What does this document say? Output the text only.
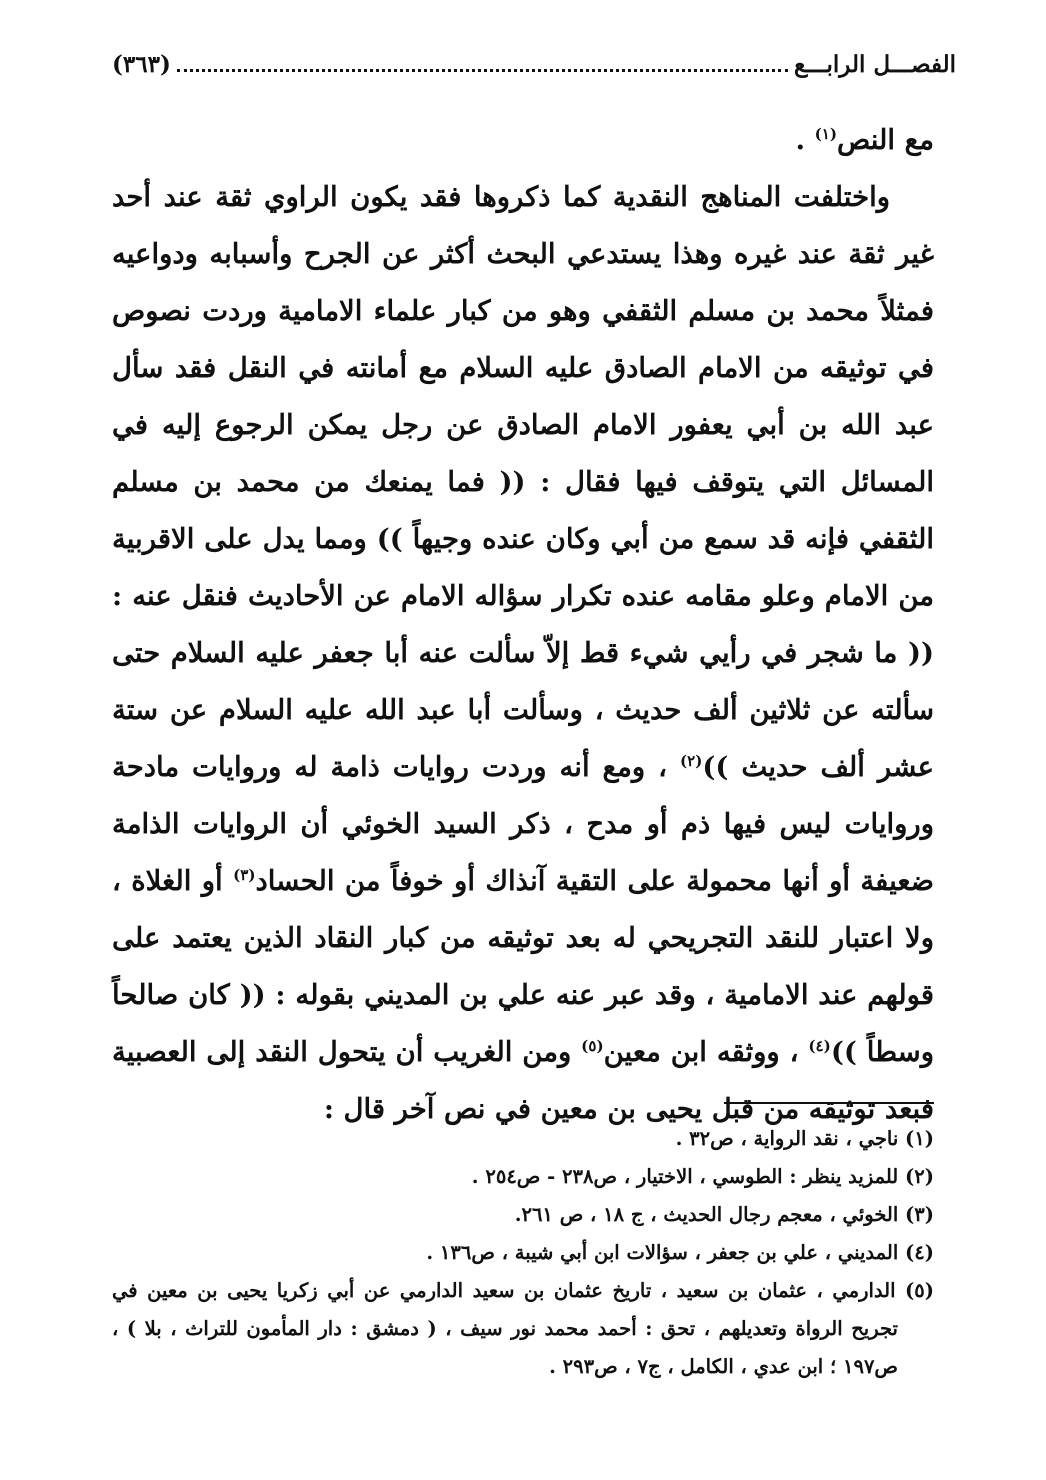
الفصـــل الرابـــع
(٣٦٣)

مع النص$^{(١)}$ .

واختلفت المناهج النقدية كما ذكروها فقد يكون الراوي ثقة عند أحد غير ثقة عند غيره وهذا يستدعي البحث أكثر عن الجرح وأسبابه ودواعيه فمثلاً محمد بن مسلم الثقفي وهو من كبار علماء الامامية وردت نصوص في توثيقه من الامام الصادق عليه السلام مع أمانته في النقل فقد سأل عبد الله بن أبي يعفور الامام الصادق عن رجل يمكن الرجوع إليه في المسائل التي يتوقف فيها فقال : (( فما يمنعك من محمد بن مسلم الثقفي فإنه قد سمع من أبي وكان عنده وجيهاً )) ومما يدل على الاقربية من الامام وعلو مقامه عنده تكرار سؤاله الامام عن الأحاديث فنقل عنه : (( ما شجر في رأيي شيء قط إلاّ سألت عنه أبا جعفر عليه السلام حتى سألته عن ثلاثين ألف حديث ، وسألت أبا عبد الله عليه السلام عن ستة عشر ألف حديث ))$^{(٢)}$ ، ومع أنه وردت روايات ذامة له وروايات مادحة وروايات ليس فيها ذم أو مدح ، ذكر السيد الخوئي أن الروايات الذامة ضعيفة أو أنها محمولة على التقية آنذاك أو خوفاً من الحساد$^{(٣)}$ أو الغلاة ، ولا اعتبار للنقد التجريحي له بعد توثيقه من كبار النقاد الذين يعتمد على قولهم عند الامامية ، وقد عبر عنه علي بن المديني بقوله : (( كان صالحاً وسطاً ))$^{(٤)}$ ، ووثقه ابن معين$^{(٥)}$ ومن الغريب أن يتحول النقد إلى العصبية فبعد توثيقه من قبل يحيى بن معين في نص آخر قال :

(١) ناجي ، نقد الرواية ، ص٣٢ .

(٢) للمزيد ينظر : الطوسي ، الاختيار ، ص٢٣٨ - ص٢٥٤ .

(٣) الخوئي ، معجم رجال الحديث ، ج ١٨ ، ص ٢٦١.

(٤) المديني ، علي بن جعفر ، سؤالات ابن أبي شيبة ، ص١٣٦ .

(٥) الدارمي ، عثمان بن سعيد ، تاريخ عثمان بن سعيد الدارمي عن أبي زكريا يحيى بن معين في تجريح الرواة وتعديلهم ، تحق : أحمد محمد نور سيف ، ( دمشق : دار المأمون للتراث ، بلا ) ، ص١٩٧ ؛ ابن عدي ، الكامل ، ج٧ ، ص٢٩٣ .
